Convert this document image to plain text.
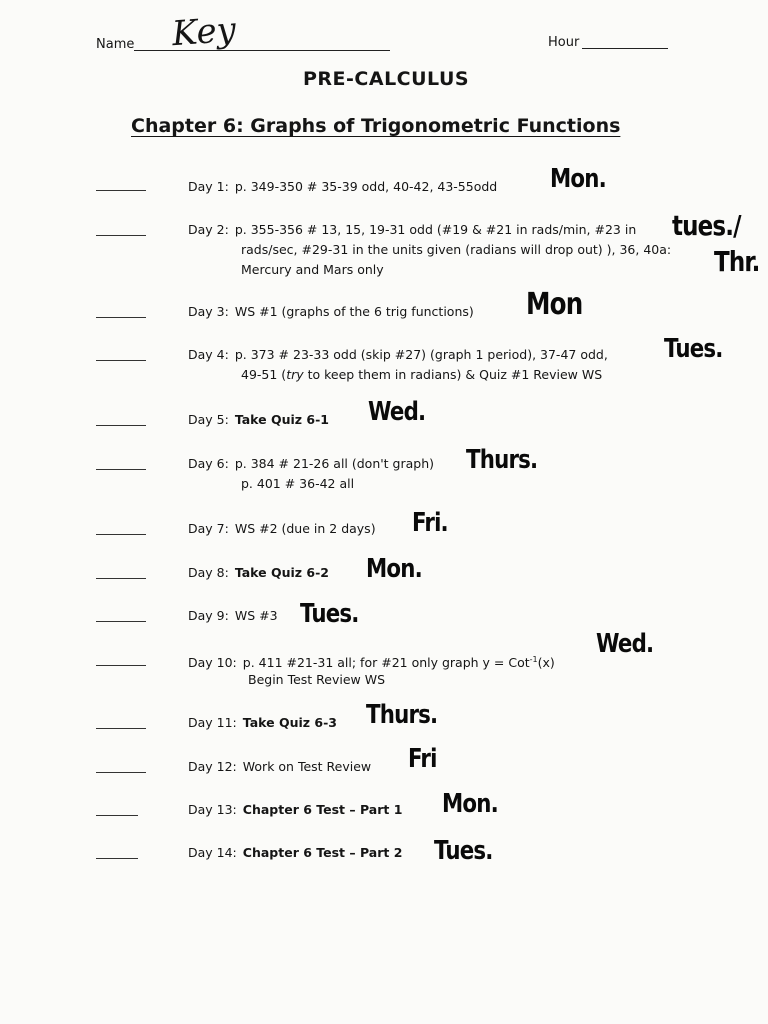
Name Key	Hour
PRE-CALCULUS
Chapter 6: Graphs of Trigonometric Functions
Day 1: p. 349-350 # 35-39 odd, 40-42, 43-55odd Mon.
Day 2: p. 355-356 # 13, 15, 19-31 odd (#19 & #21 in rads/min, #23 in
rads/sec, #29-31 in the units given (radians will drop out) ), 36, 40a:
Mercury and Mars only
tues./
Thr.
Day 3: WS #1 (graphs of the 6 trig functions) Mon
Day 4: p. 373 # 23-33 odd (skip #27) (graph 1 period), 37-47 odd,
49-51 (try to keep them in radians) & Quiz #1 Review WS
Tues.
Day 5: Take Quiz 6-1 Wed.
Day 6: p. 384 # 21-26 all (don't graph)
p. 401 # 36-42 all
Thurs.
Day 7: WS #2 (due in 2 days) Fri.
Day 8: Take Quiz 6-2 Mon.
Day 9: WS #3 Tues.
Day 10: p. 411 #21-31 all; for #21 only graph y = Cot$^{-1}$(x)
Begin Test Review WS
Wed.
Day 11: Take Quiz 6-3 Thurs.
Day 12: Work on Test Review Fri
Day 13: Chapter 6 Test – Part 1 Mon.
Day 14: Chapter 6 Test – Part 2 Tues.
